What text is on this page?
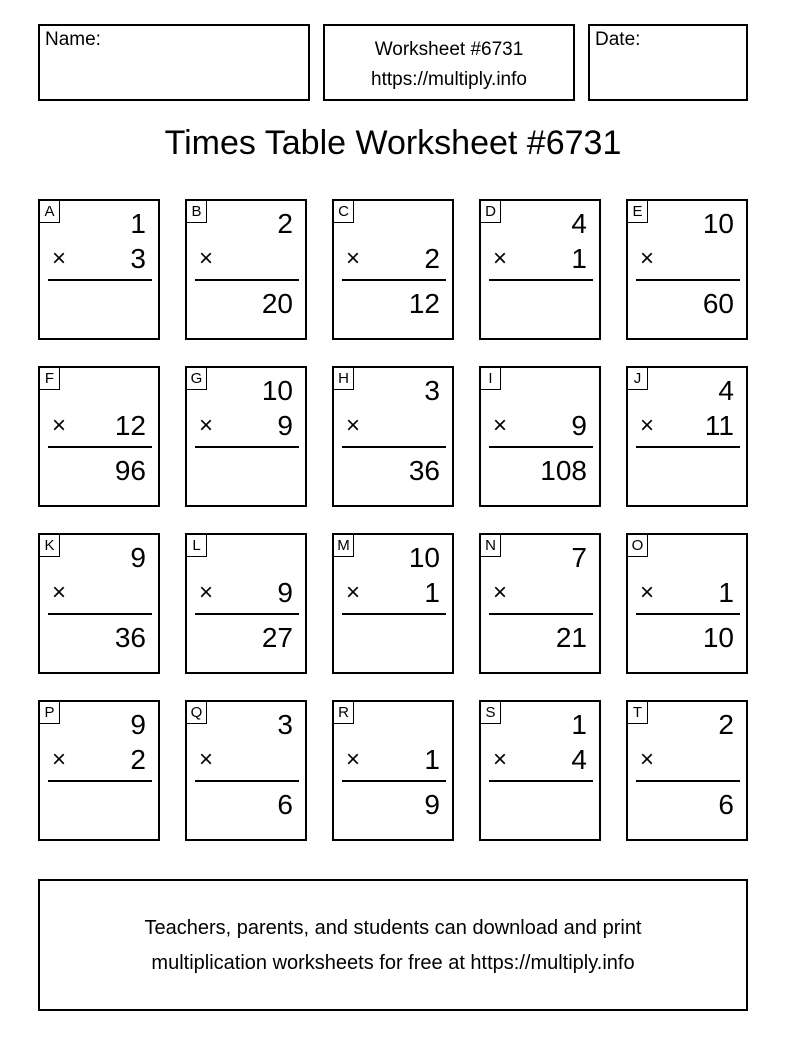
Name:	Worksheet #6731
https://multiply.info
Date:
Times Table Worksheet #6731
A	1
× 3
B	2
×
20
C
× 2
12
D	4
× 1
E 10
×
60
F
× 12
96
G 10
× 9
H	3
×
36
I
× 9
108
J	4
× 11
K	9
×
36
L
× 9
27
M 10
× 1
N	7
×
21
O
× 1
10
P	9
× 2
Q	3
×
6
R
× 1
9
S	1
× 4
T	2
×
6
Teachers, parents, and students can download and print
multiplication worksheets for free at https://multiply.info
